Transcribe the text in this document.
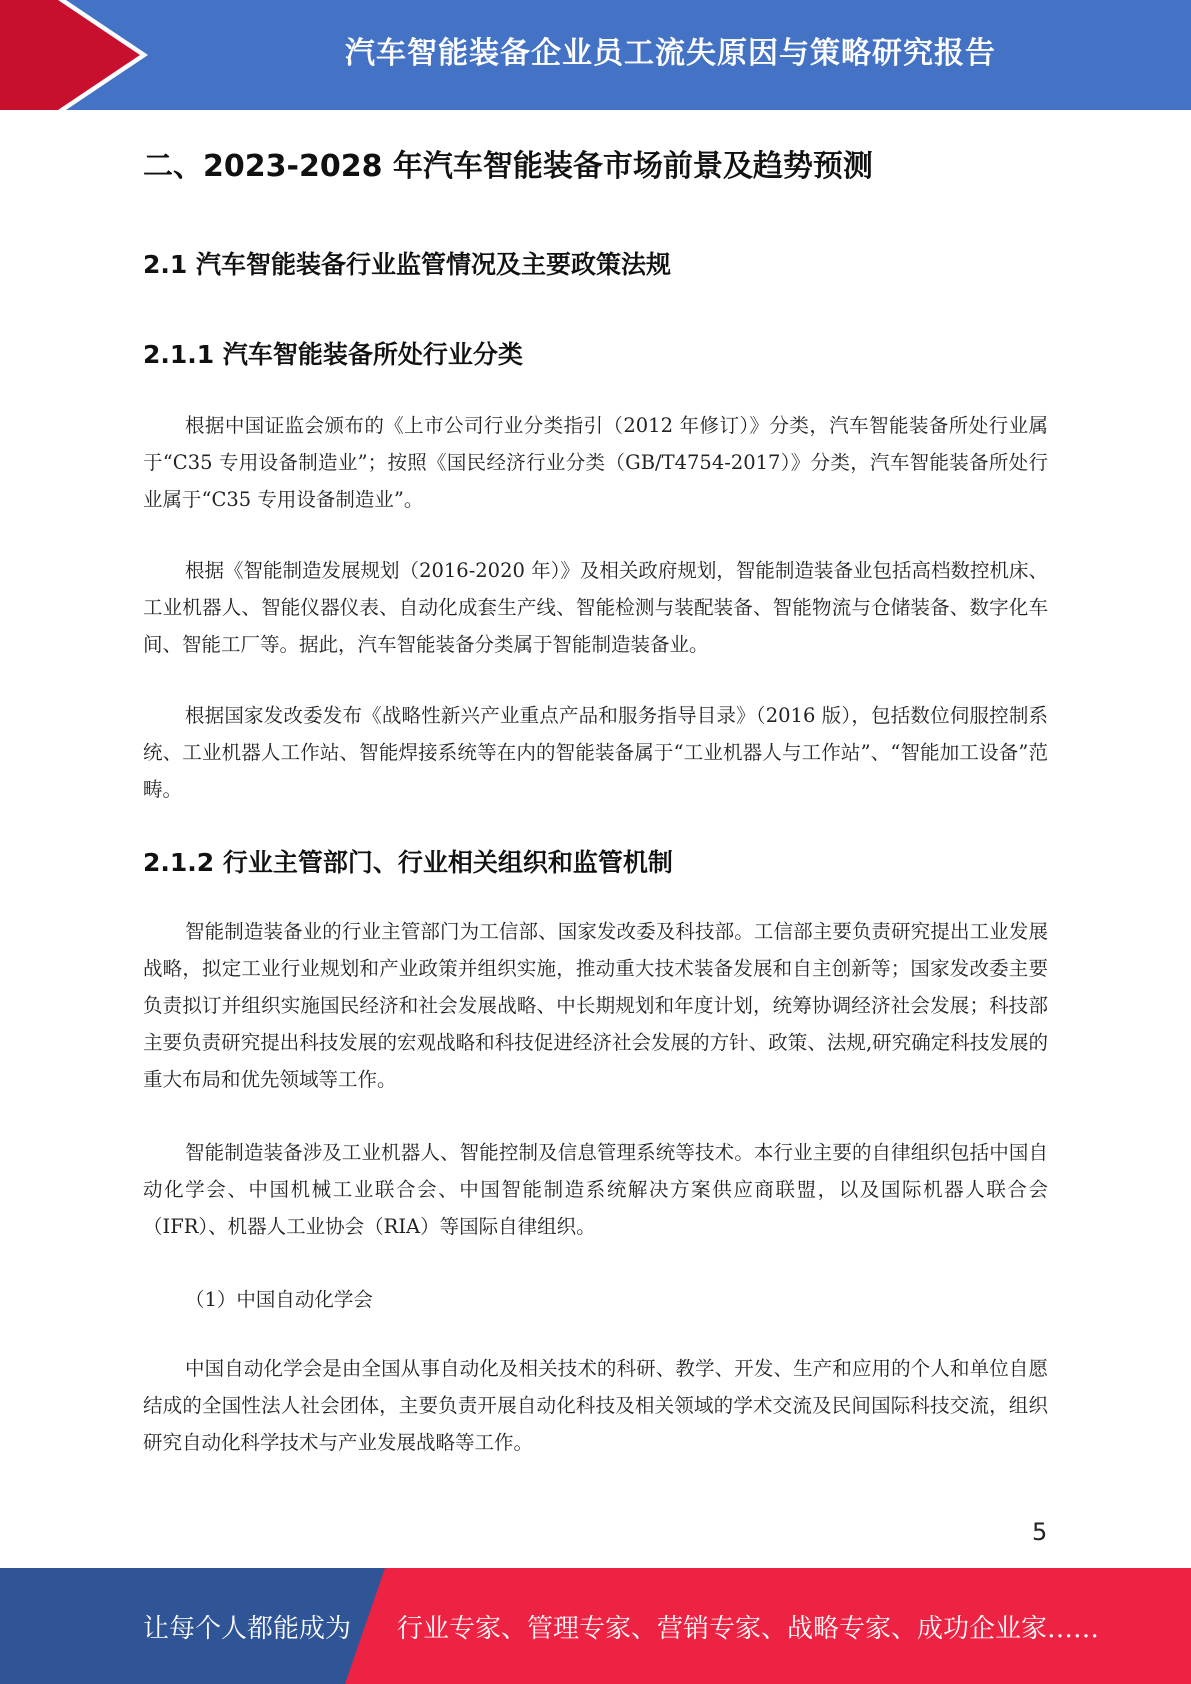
汽车智能装备企业员工流失原因与策略研究报告
二、2023-2028 年汽车智能装备市场前景及趋势预测
2.1 汽车智能装备行业监管情况及主要政策法规
2.1.1 汽车智能装备所处行业分类

根据中国证监会颁布的《上市公司行业分类指引（2012 年修订）》分类，汽车智能装备所处行业属于“C35 专用设备制造业”；按照《国民经济行业分类（GB/T4754-2017）》分类，汽车智能装备所处行业属于“C35 专用设备制造业”。

根据《智能制造发展规划（2016-2020 年）》及相关政府规划，智能制造装备业包括高档数控机床、工业机器人、智能仪器仪表、自动化成套生产线、智能检测与装配装备、智能物流与仓储装备、数字化车间、智能工厂等。据此，汽车智能装备分类属于智能制造装备业。

根据国家发改委发布《战略性新兴产业重点产品和服务指导目录》（2016 版），包括数位伺服控制系统、工业机器人工作站、智能焊接系统等在内的智能装备属于“工业机器人与工作站”、“智能加工设备”范畴。

2.1.2 行业主管部门、行业相关组织和监管机制

智能制造装备业的行业主管部门为工信部、国家发改委及科技部。工信部主要负责研究提出工业发展战略，拟定工业行业规划和产业政策并组织实施，推动重大技术装备发展和自主创新等；国家发改委主要负责拟订并组织实施国民经济和社会发展战略、中长期规划和年度计划，统筹协调经济社会发展；科技部主要负责研究提出科技发展的宏观战略和科技促进经济社会发展的方针、政策、法规,研究确定科技发展的重大布局和优先领域等工作。

智能制造装备涉及工业机器人、智能控制及信息管理系统等技术。本行业主要的自律组织包括中国自动化学会、中国机械工业联合会、中国智能制造系统解决方案供应商联盟，以及国际机器人联合会（IFR）、机器人工业协会（RIA）等国际自律组织。

（1）中国自动化学会

中国自动化学会是由全国从事自动化及相关技术的科研、教学、开发、生产和应用的个人和单位自愿结成的全国性法人社会团体，主要负责开展自动化科技及相关领域的学术交流及民间国际科技交流，组织研究自动化科学技术与产业发展战略等工作。

5
让每个人都能成为 行业专家、管理专家、营销专家、战略专家、成功企业家……
